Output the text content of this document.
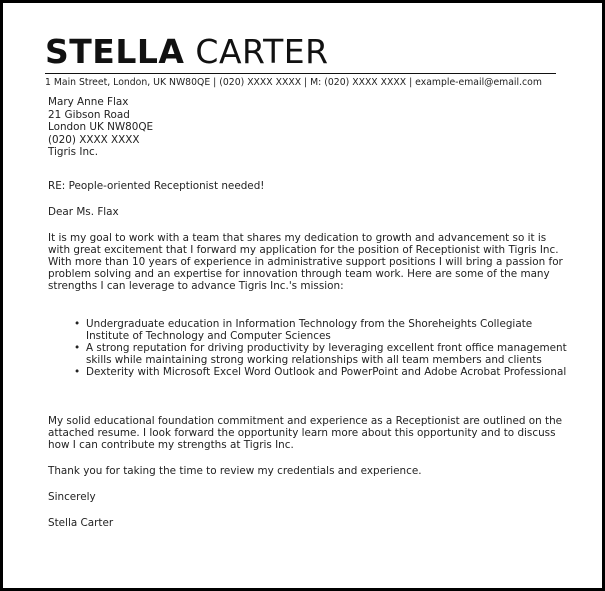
STELLA CARTER
1 Main Street, London, UK NW80QE | (020) XXXX XXXX | M: (020) XXXX XXXX | example-email@email.com
Mary Anne Flax
21 Gibson Road
London UK NW80QE
(020) XXXX XXXX
Tigris Inc.
RE: People-oriented Receptionist needed!
Dear Ms. Flax
It is my goal to work with a team that shares my dedication to growth and advancement so it is with great excitement that I forward my application for the position of Receptionist with Tigris Inc. With more than 10 years of experience in administrative support positions I will bring a passion for problem solving and an expertise for innovation through team work. Here are some of the many strengths I can leverage to advance Tigris Inc.'s mission:
• Undergraduate education in Information Technology from the Shoreheights Collegiate Institute of Technology and Computer Sciences
• A strong reputation for driving productivity by leveraging excellent front office management skills while maintaining strong working relationships with all team members and clients
• Dexterity with Microsoft Excel Word Outlook and PowerPoint and Adobe Acrobat Professional
My solid educational foundation commitment and experience as a Receptionist are outlined on the attached resume. I look forward the opportunity learn more about this opportunity and to discuss how I can contribute my strengths at Tigris Inc.
Thank you for taking the time to review my credentials and experience.
Sincerely
Stella Carter
